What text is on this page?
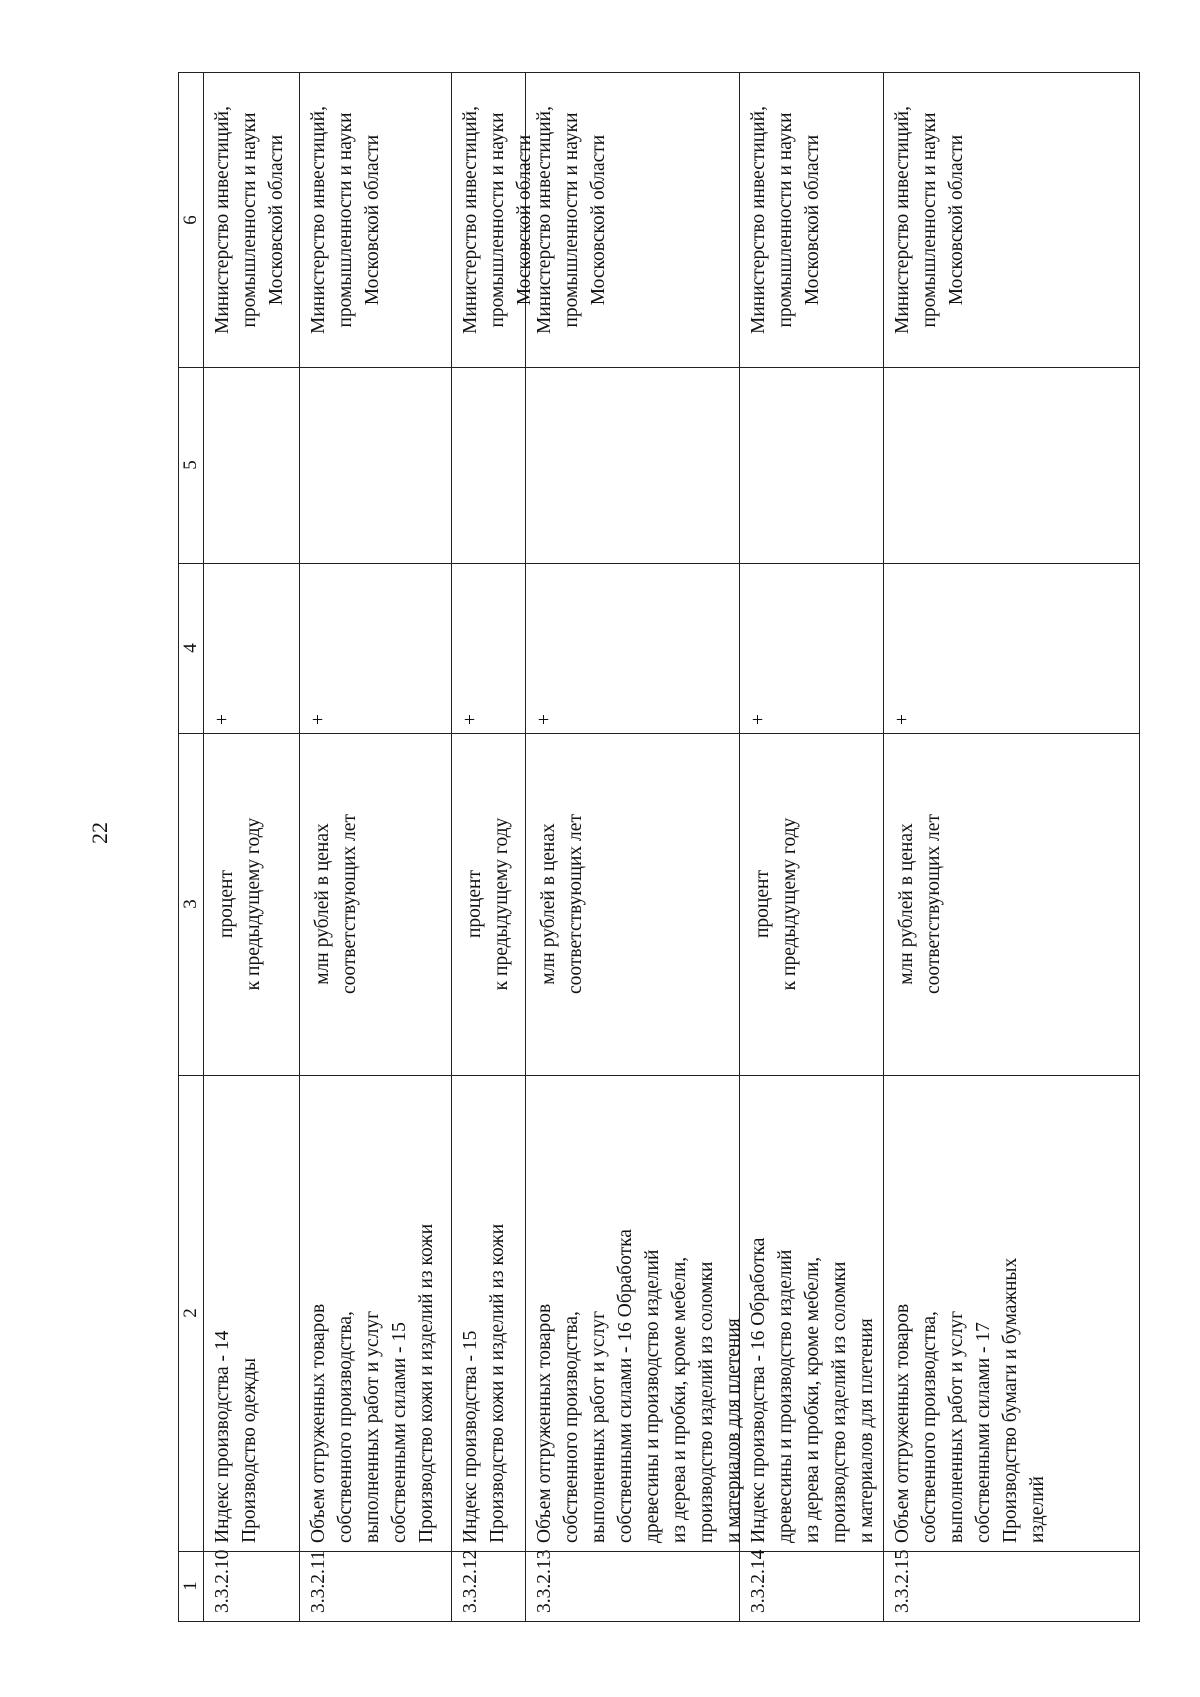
22
1
2
3
4
5
6
3.3.2.10
Индекс производства - 14
Производство одежды
процент
к предыдущему году
+
Министерство инвестиций,
промышленности и науки
Московской области
3.3.2.11
Объем отгруженных товаров
собственного производства,
выполненных работ и услуг
собственными силами - 15
Производство кожи и изделий из кожи
млн рублей в ценах
соответствующих лет
+
Министерство инвестиций,
промышленности и науки
Московской области
3.3.2.12
Индекс производства - 15
Производство кожи и изделий из кожи
процент
к предыдущему году
+
Министерство инвестиций,
промышленности и науки
Московской области
3.3.2.13
Объем отгруженных товаров
собственного производства,
выполненных работ и услуг
собственными силами - 16 Обработка
древесины и производство изделий
из дерева и пробки, кроме мебели,
производство изделий из соломки
и материалов для плетения
млн рублей в ценах
соответствующих лет
+
Министерство инвестиций,
промышленности и науки
Московской области
3.3.2.14
Индекс производства - 16 Обработка
древесины и производство изделий
из дерева и пробки, кроме мебели,
производство изделий из соломки
и материалов для плетения
процент
к предыдущему году
+
Министерство инвестиций,
промышленности и науки
Московской области
3.3.2.15
Объем отгруженных товаров
собственного производства,
выполненных работ и услуг
собственными силами - 17
Производство бумаги и бумажных
изделий
млн рублей в ценах
соответствующих лет
+
Министерство инвестиций,
промышленности и науки
Московской области
